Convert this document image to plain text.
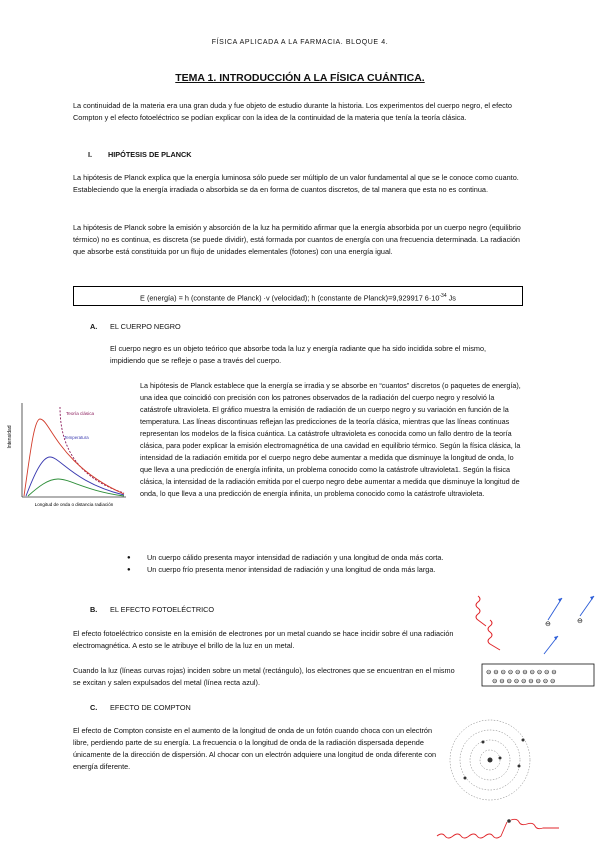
FÍSICA APLICADA A LA FARMACIA. BLOQUE 4.
TEMA 1. INTRODUCCIÓN A LA FÍSICA CUÁNTICA.
La continuidad de la materia era una gran duda y fue objeto de estudio durante la historia. Los experimentos del cuerpo negro, el efecto Compton y el efecto fotoeléctrico se podían explicar con la idea de la continuidad de la materia que tenía la teoría clásica.
I. HIPÓTESIS DE PLANCK
La hipótesis de Planck explica que la energía luminosa sólo puede ser múltiplo de un valor fundamental al que se le conoce como cuanto. Estableciendo que la energía irradiada o absorbida se da en forma de cuantos discretos, de tal manera que esta no es continua.
La hipótesis de Planck sobre la emisión y absorción de la luz ha permitido afirmar que la energía absorbida por un cuerpo negro (equilibrio térmico) no es continua, es discreta (se puede dividir), está formada por cuantos de energía con una frecuencia determinada. La radiación que absorbe está constituida por un flujo de unidades elementales (fotones) con una energía igual.
E (energía) = h (constante de Planck) ·v (velocidad); h (constante de Planck)=9,929917 $6\cdot 10^{-34}$ Js
A. EL CUERPO NEGRO
El cuerpo negro es un objeto teórico que absorbe toda la luz y energía radiante que ha sido incidida sobre el mismo, impidiendo que se refleje o pase a través del cuerpo.
Intensidad
Longitud de onda o distancia radiación
Teoría clásica
Temperatura
La hipótesis de Planck establece que la energía se irradia y se absorbe en “cuantos” discretos (o paquetes de energía), una idea que coincidió con precisión con los patrones observados de la radiación del cuerpo negro y resolvió la catástrofe ultravioleta. El gráfico muestra la emisión de radiación de un cuerpo negro y su variación en función de la temperatura. Las líneas discontinuas reflejan las predicciones de la teoría clásica, mientras que las líneas continuas representan los modelos de la física cuántica. La catástrofe ultravioleta es conocida como un fallo dentro de la teoría clásica, para poder explicar la emisión electromagnética de una cavidad en equilibrio térmico. Según la física clásica, la intensidad de la radiación emitida por el cuerpo negro debe aumentar a medida que disminuye la longitud de onda, lo que lleva a una predicción de energía infinita, un problema conocido como la catástrofe ultravioleta1. Según la física clásica, la intensidad de la radiación emitida por el cuerpo negro debe aumentar a medida que disminuye la longitud de onda, lo que lleva a una predicción de energía infinita, un problema conocido como la catástrofe ultravioleta.
● Un cuerpo cálido presenta mayor intensidad de radiación y una longitud de onda más corta.
● Un cuerpo frío presenta menor intensidad de radiación y una longitud de onda más larga.
B. EL EFECTO FOTOELÉCTRICO
El efecto fotoeléctrico consiste en la emisión de electrones por un metal cuando se hace incidir sobre él una radiación electromagnética. A esto se le atribuye el brillo de la luz en un metal.
Cuando la luz (líneas curvas rojas) inciden sobre un metal (rectángulo), los electrones que se encuentran en el mismo se excitan y salen expulsados del metal (línea recta azul).
⊖	⊖
⊖ ⊖ ⊖ ⊖ ⊖ ⊖ ⊖ ⊖ ⊖ ⊖
⊖ ⊖ ⊖ ⊖ ⊖ ⊖ ⊖ ⊖ ⊖
C. EFECTO DE COMPTON
El efecto de Compton consiste en el aumento de la longitud de onda de un fotón cuando choca con un electrón libre, perdiendo parte de su energía. La frecuencia o la longitud de onda de la radiación dispersada depende únicamente de la dirección de dispersión. Al chocar con un electrón adquiere una longitud de onda diferente con energía diferente.
